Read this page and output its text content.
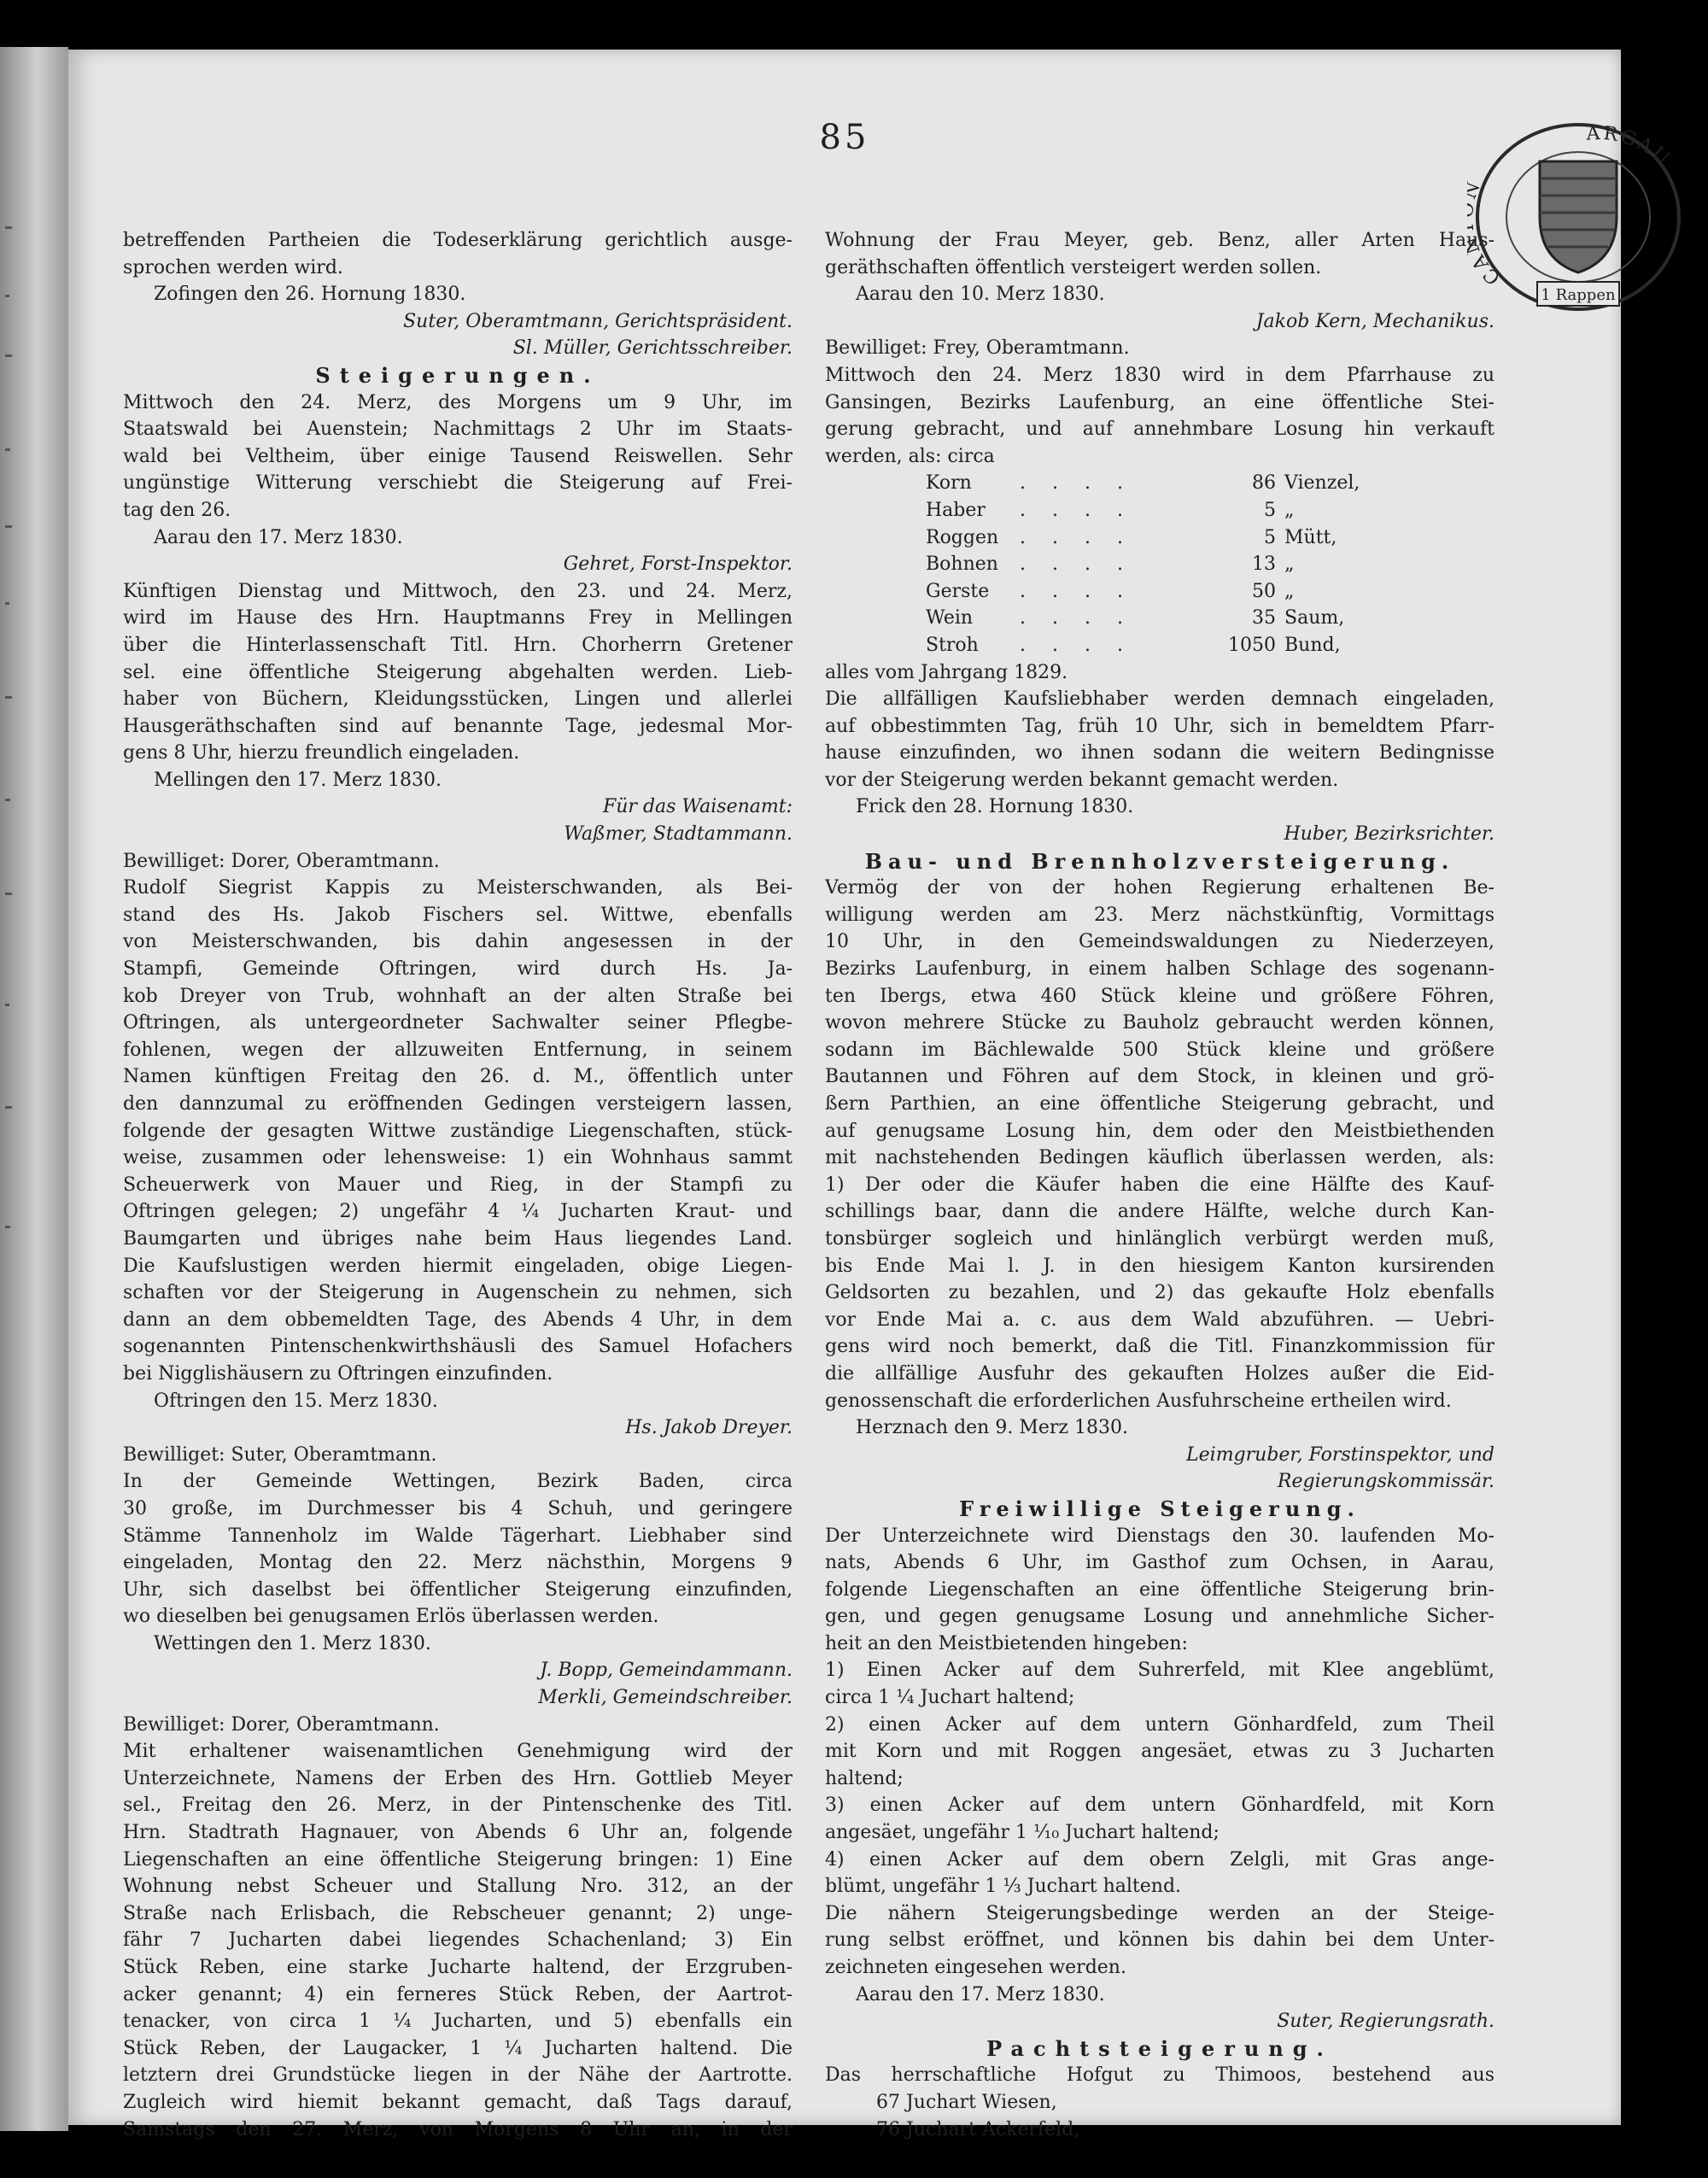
85
CA
ARGAU
1 Rappen

betreffenden Partheien die Todeserklärung gerichtlich ausge-

sprochen werden wird.

Zofingen den 26. Hornung 1830.

Suter, Oberamtmann, Gerichtspräsident.

Sl. Müller, Gerichtsschreiber.

Steigerungen.

Mittwoch den 24. Merz, des Morgens um 9 Uhr, im

Staatswald bei Auenstein; Nachmittags 2 Uhr im Staats-

wald bei Veltheim, über einige Tausend Reiswellen. Sehr

ungünstige Witterung verschiebt die Steigerung auf Frei-

tag den 26.

Aarau den 17. Merz 1830.

Gehret, Forst-Inspektor.

Künftigen Dienstag und Mittwoch, den 23. und 24. Merz,

wird im Hause des Hrn. Hauptmanns Frey in Mellingen

über die Hinterlassenschaft Titl. Hrn. Chorherrn Gretener

sel. eine öffentliche Steigerung abgehalten werden. Lieb-

haber von Büchern, Kleidungsstücken, Lingen und allerlei

Hausgeräthschaften sind auf benannte Tage, jedesmal Mor-

gens 8 Uhr, hierzu freundlich eingeladen.

Mellingen den 17. Merz 1830.

Für das Waisenamt:

Waßmer, Stadtammann.

Bewilliget: Dorer, Oberamtmann.

Rudolf Siegrist Kappis zu Meisterschwanden, als Bei-

stand des Hs. Jakob Fischers sel. Wittwe, ebenfalls

von Meisterschwanden, bis dahin angesessen in der

Stampfi, Gemeinde Oftringen, wird durch Hs. Ja-

kob Dreyer von Trub, wohnhaft an der alten Straße bei

Oftringen, als untergeordneter Sachwalter seiner Pflegbe-

fohlenen, wegen der allzuweiten Entfernung, in seinem

Namen künftigen Freitag den 26. d. M., öffentlich unter

den dannzumal zu eröffnenden Gedingen versteigern lassen,

folgende der gesagten Wittwe zuständige Liegenschaften, stück-

weise, zusammen oder lehensweise: 1) ein Wohnhaus sammt

Scheuerwerk von Mauer und Rieg, in der Stampfi zu

Oftringen gelegen; 2) ungefähr 4 ¼ Jucharten Kraut- und

Baumgarten und übriges nahe beim Haus liegendes Land.

Die Kaufslustigen werden hiermit eingeladen, obige Liegen-

schaften vor der Steigerung in Augenschein zu nehmen, sich

dann an dem obbemeldten Tage, des Abends 4 Uhr, in dem

sogenannten Pintenschenkwirthshäusli des Samuel Hofachers

bei Nigglishäusern zu Oftringen einzufinden.

Oftringen den 15. Merz 1830.

Hs. Jakob Dreyer.

Bewilliget: Suter, Oberamtmann.

In der Gemeinde Wettingen, Bezirk Baden, circa

30 große, im Durchmesser bis 4 Schuh, und geringere

Stämme Tannenholz im Walde Tägerhart. Liebhaber sind

eingeladen, Montag den 22. Merz nächsthin, Morgens 9

Uhr, sich daselbst bei öffentlicher Steigerung einzufinden,

wo dieselben bei genugsamen Erlös überlassen werden.

Wettingen den 1. Merz 1830.

J. Bopp, Gemeindammann.

Merkli, Gemeindschreiber.

Bewilliget: Dorer, Oberamtmann.

Mit erhaltener waisenamtlichen Genehmigung wird der

Unterzeichnete, Namens der Erben des Hrn. Gottlieb Meyer

sel., Freitag den 26. Merz, in der Pintenschenke des Titl.

Hrn. Stadtrath Hagnauer, von Abends 6 Uhr an, folgende

Liegenschaften an eine öffentliche Steigerung bringen: 1) Eine

Wohnung nebst Scheuer und Stallung Nro. 312, an der

Straße nach Erlisbach, die Rebscheuer genannt; 2) unge-

fähr 7 Jucharten dabei liegendes Schachenland; 3) Ein

Stück Reben, eine starke Jucharte haltend, der Erzgruben-

acker genannt; 4) ein ferneres Stück Reben, der Aartrot-

tenacker, von circa 1 ¼ Jucharten, und 5) ebenfalls ein

Stück Reben, der Laugacker, 1 ¼ Jucharten haltend. Die

letztern drei Grundstücke liegen in der Nähe der Aartrotte.

Zugleich wird hiemit bekannt gemacht, daß Tags darauf,

Samstags den 27. Merz, von Morgens 8 Uhr an, in der

Wohnung der Frau Meyer, geb. Benz, aller Arten Haus-

geräthschaften öffentlich versteigert werden sollen.

Aarau den 10. Merz 1830.

Jakob Kern, Mechanikus.

Bewilliget: Frey, Oberamtmann.

Mittwoch den 24. Merz 1830 wird in dem Pfarrhause zu

Gansingen, Bezirks Laufenburg, an eine öffentliche Stei-

gerung gebracht, und auf annehmbare Losung hin verkauft

werden, als: circa

Korn	. . . .	86 Vienzel,
Haber	. . . .	5 „
Roggen	. . . .	5 Mütt,
Bohnen	. . . .	13 „
Gerste	. . . .	50 „
Wein	. . . .	35 Saum,
Stroh	. . . .	1050 Bund,

alles vom Jahrgang 1829.

Die allfälligen Kaufsliebhaber werden demnach eingeladen,

auf obbestimmten Tag, früh 10 Uhr, sich in bemeldtem Pfarr-

hause einzufinden, wo ihnen sodann die weitern Bedingnisse

vor der Steigerung werden bekannt gemacht werden.

Frick den 28. Hornung 1830.

Huber, Bezirksrichter.

Bau- und Brennholzversteigerung.

Vermög der von der hohen Regierung erhaltenen Be-

willigung werden am 23. Merz nächstkünftig, Vormittags

10 Uhr, in den Gemeindswaldungen zu Niederzeyen,

Bezirks Laufenburg, in einem halben Schlage des sogenann-

ten Ibergs, etwa 460 Stück kleine und größere Föhren,

wovon mehrere Stücke zu Bauholz gebraucht werden können,

sodann im Bächlewalde 500 Stück kleine und größere

Bautannen und Föhren auf dem Stock, in kleinen und grö-

ßern Parthien, an eine öffentliche Steigerung gebracht, und

auf genugsame Losung hin, dem oder den Meistbiethenden

mit nachstehenden Bedingen käuflich überlassen werden, als:

1) Der oder die Käufer haben die eine Hälfte des Kauf-

schillings baar, dann die andere Hälfte, welche durch Kan-

tonsbürger sogleich und hinlänglich verbürgt werden muß,

bis Ende Mai l. J. in den hiesigem Kanton kursirenden

Geldsorten zu bezahlen, und 2) das gekaufte Holz ebenfalls

vor Ende Mai a. c. aus dem Wald abzuführen. — Uebri-

gens wird noch bemerkt, daß die Titl. Finanzkommission für

die allfällige Ausfuhr des gekauften Holzes außer die Eid-

genossenschaft die erforderlichen Ausfuhrscheine ertheilen wird.

Herznach den 9. Merz 1830.

Leimgruber, Forstinspektor, und

Regierungskommissär.

Freiwillige Steigerung.

Der Unterzeichnete wird Dienstags den 30. laufenden Mo-

nats, Abends 6 Uhr, im Gasthof zum Ochsen, in Aarau,

folgende Liegenschaften an eine öffentliche Steigerung brin-

gen, und gegen genugsame Losung und annehmliche Sicher-

heit an den Meistbietenden hingeben:

1) Einen Acker auf dem Suhrerfeld, mit Klee angeblümt,

circa 1 ¼ Juchart haltend;

2) einen Acker auf dem untern Gönhardfeld, zum Theil

mit Korn und mit Roggen angesäet, etwas zu 3 Jucharten

haltend;

3) einen Acker auf dem untern Gönhardfeld, mit Korn

angesäet, ungefähr 1 ¹⁄₁₀ Juchart haltend;

4) einen Acker auf dem obern Zelgli, mit Gras ange-

blümt, ungefähr 1 ⅓ Juchart haltend.

Die nähern Steigerungsbedinge werden an der Steige-

rung selbst eröffnet, und können bis dahin bei dem Unter-

zeichneten eingesehen werden.

Aarau den 17. Merz 1830.

Suter, Regierungsrath.

Pachtsteigerung.

Das herrschaftliche Hofgut zu Thimoos, bestehend aus

67 Juchart Wiesen,

76 Juchart Ackerfeld,
